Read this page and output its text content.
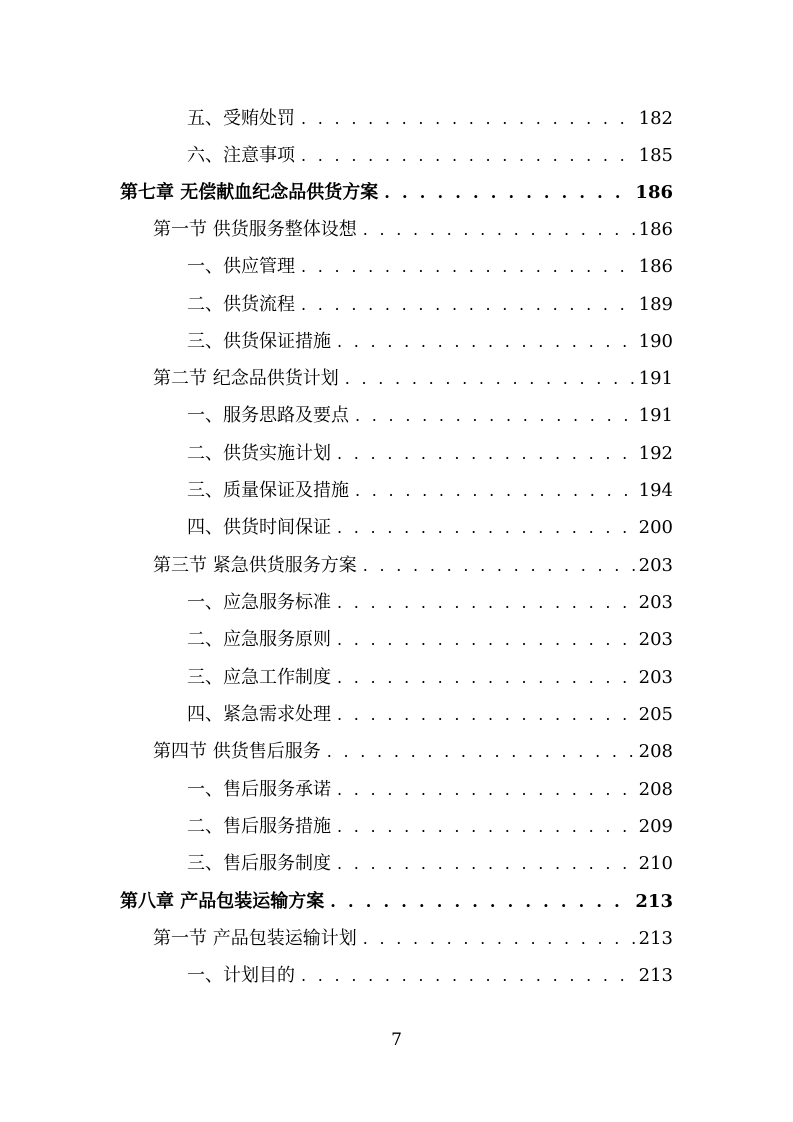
五、受贿处罚 . . .	182
六、注意事项 . . .	185
第七章 无偿献血纪念品供货方案 . . .	186
第一节 供货服务整体设想 . . .	186
一、供应管理 . . .	186
二、供货流程 . . .	189
三、供货保证措施 . . .	190
第二节 纪念品供货计划 . . .	191
一、服务思路及要点 . . .	191
二、供货实施计划 . . .	192
三、质量保证及措施 . . .	194
四、供货时间保证 . . .	200
第三节 紧急供货服务方案 . . .	203
一、应急服务标准 . . .	203
二、应急服务原则 . . .	203
三、应急工作制度 . . .	203
四、紧急需求处理 . . .	205
第四节 供货售后服务 . . .	208
一、售后服务承诺 . . .	208
二、售后服务措施 . . .	209
三、售后服务制度 . . .	210
第八章 产品包装运输方案 . . .	213
第一节 产品包装运输计划 . . .	213
一、计划目的 . . .	213
7
